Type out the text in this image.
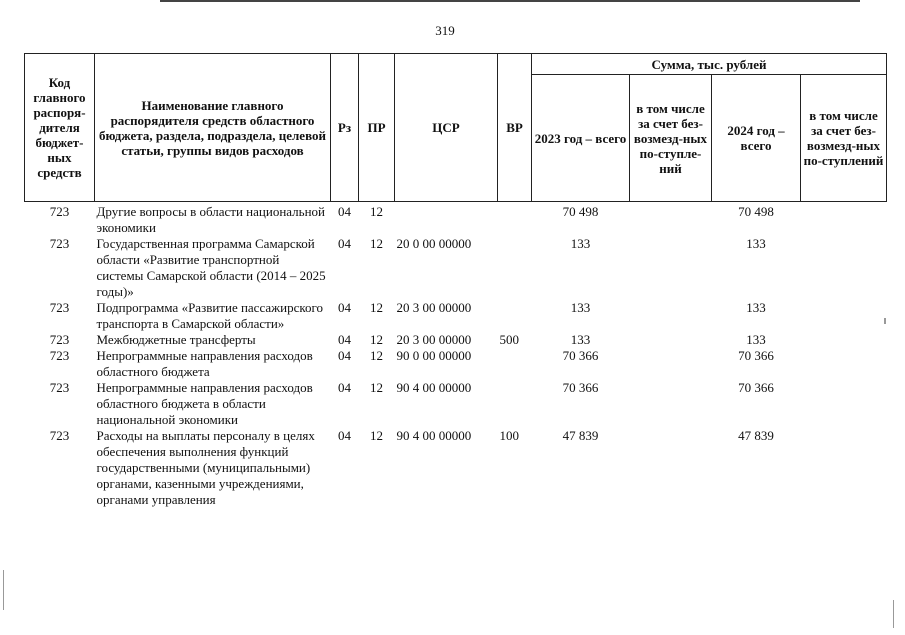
319
Код главного распоря-дителя бюджет-ных средств	Наименование главного распорядителя средств областного бюджета, раздела, подраздела, целевой статьи, группы видов расходов	Рз	ПР	ЦСР	ВР	Сумма, тыс. рублей			
						2023 год – всего	в том числе за счет без-возмезд-ных по-ступле-ний	2024 год – всего	в том числе за счет без-возмезд-ных по-ступлений
723	Другие вопросы в области национальной экономики	04	12			70 498		70 498	
723	Государственная программа Самарской области «Развитие транспортной системы Самарской области (2014 – 2025 годы)»	04	12	20 0 00 00000		133		133	
723	Подпрограмма «Развитие пассажирского транспорта в Самарской области»	04	12	20 3 00 00000		133		133	
723	Межбюджетные трансферты	04	12	20 3 00 00000	500	133		133	
723	Непрограммные направления расходов областного бюджета	04	12	90 0 00 00000		70 366		70 366	
723	Непрограммные направления расходов областного бюджета в области национальной экономики	04	12	90 4 00 00000		70 366		70 366	
723	Расходы на выплаты персоналу в целях обеспечения выполнения функций государственными (муниципальными) органами, казенными учреждениями, органами управления	04	12	90 4 00 00000	100	47 839		47 839	
